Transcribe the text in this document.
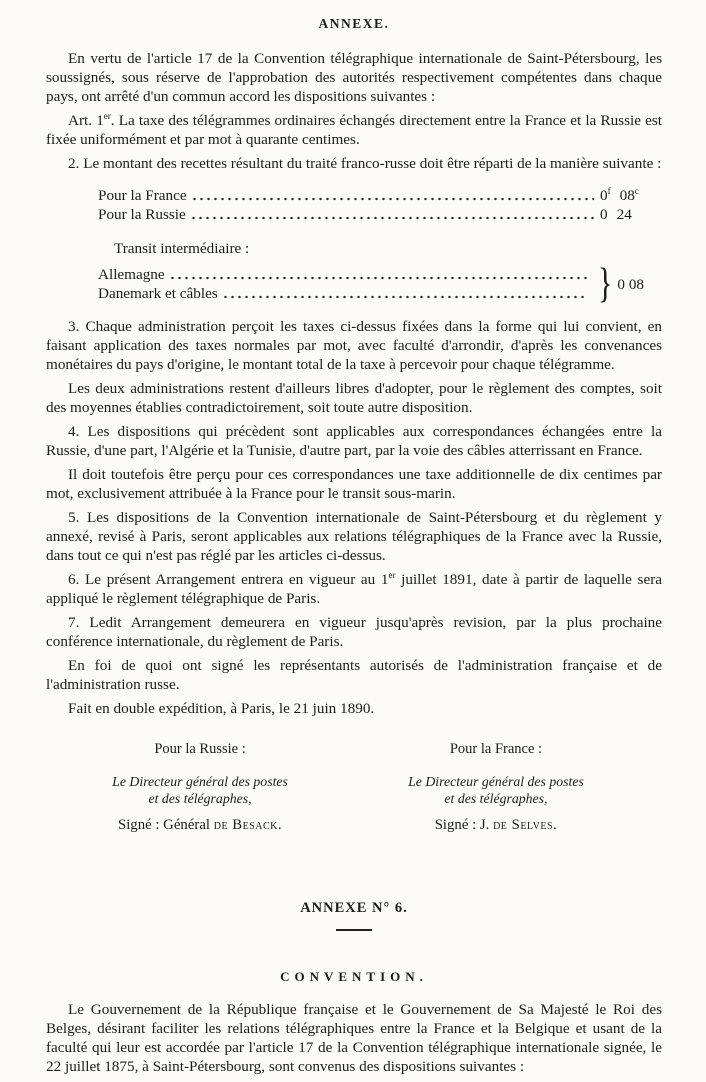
ANNEXE.

En vertu de l'article 17 de la Convention télégraphique internationale de Saint-Pétersbourg, les soussignés, sous réserve de l'approbation des autorités respectivement compétentes dans chaque pays, ont arrêté d'un commun accord les dispositions suivantes :

Art. 1er. La taxe des télégrammes ordinaires échangés directement entre la France et la Russie est fixée uniformément et par mot à quarante centimes.

2. Le montant des recettes résultant du traité franco-russe doit être réparti de la manière suivante :

Pour la France	0$^f$ 08$^c$
Pour la Russie	0 24
Transit intermédiaire :
Allemagne
Danemark et câbles	} 0 08

3. Chaque administration perçoit les taxes ci-dessus fixées dans la forme qui lui convient, en faisant application des taxes normales par mot, avec faculté d'arrondir, d'après les convenances monétaires du pays d'origine, le montant total de la taxe à percevoir pour chaque télégramme.

Les deux administrations restent d'ailleurs libres d'adopter, pour le règlement des comptes, soit des moyennes établies contradictoirement, soit toute autre disposition.

4. Les dispositions qui précèdent sont applicables aux correspondances échangées entre la Russie, d'une part, l'Algérie et la Tunisie, d'autre part, par la voie des câbles atterrissant en France.

Il doit toutefois être perçu pour ces correspondances une taxe additionnelle de dix centimes par mot, exclusivement attribuée à la France pour le transit sous-marin.

5. Les dispositions de la Convention internationale de Saint-Pétersbourg et du règlement y annexé, revisé à Paris, seront applicables aux relations télégraphiques de la France avec la Russie, dans tout ce qui n'est pas réglé par les articles ci-dessus.

6. Le présent Arrangement entrera en vigueur au 1er juillet 1891, date à partir de laquelle sera appliqué le règlement télégraphique de Paris.

7. Ledit Arrangement demeurera en vigueur jusqu'après revision, par la plus prochaine conférence internationale, du règlement de Paris.

En foi de quoi ont signé les représentants autorisés de l'administration française et de l'administration russe.

Fait en double expédition, à Paris, le 21 juin 1890.

Pour la Russie :
Le Directeur général des postes
et des télégraphes,
Signé : Général de Besack.
Pour la France :
Le Directeur général des postes
et des télégraphes,
Signé : J. de Selves.
ANNEXE N° 6.
CONVENTION.

Le Gouvernement de la République française et le Gouvernement de Sa Majesté le Roi des Belges, désirant faciliter les relations télégraphiques entre la France et la Belgique et usant de la faculté qui leur est accordée par l'article 17 de la Convention télégraphique internationale signée, le 22 juillet 1875, à Saint-Pétersbourg, sont convenus des dispositions suivantes :
